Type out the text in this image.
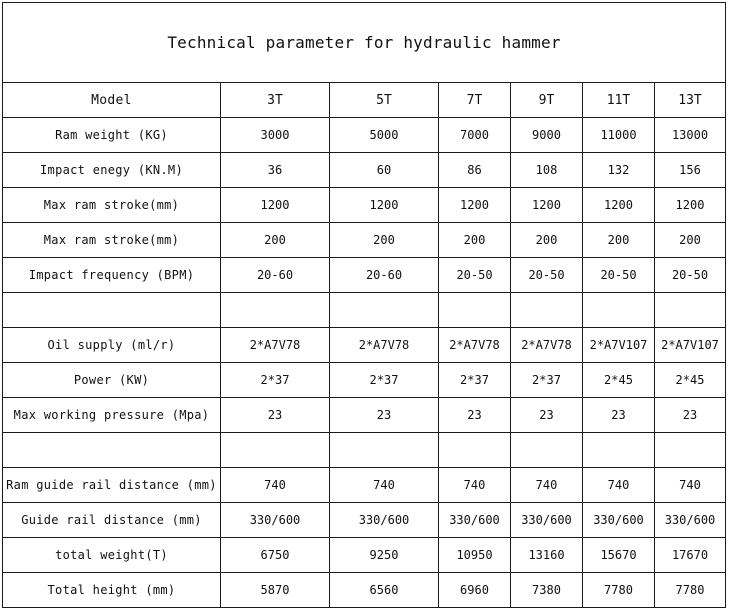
Technical parameter for hydraulic hammer						
Model	3T	5T	7T	9T	11T	13T
Ram weight (KG)	3000	5000	7000	9000	11000	13000
Impact enegy (KN.M)	36	60	86	108	132	156
Max ram stroke(mm)	1200	1200	1200	1200	1200	1200
Max ram stroke(mm)	200	200	200	200	200	200
Impact frequency (BPM)	20-60	20-60	20-50	20-50	20-50	20-50

Oil supply (ml/r)	2*A7V78	2*A7V78	2*A7V78	2*A7V78	2*A7V107	2*A7V107
Power (KW)	2*37	2*37	2*37	2*37	2*45	2*45
Max working pressure (Mpa)	23	23	23	23	23	23

Ram guide rail distance (mm)	740	740	740	740	740	740
Guide rail distance (mm)	330/600	330/600	330/600	330/600	330/600	330/600
total weight(T)	6750	9250	10950	13160	15670	17670
Total height (mm)	5870	6560	6960	7380	7780	7780
